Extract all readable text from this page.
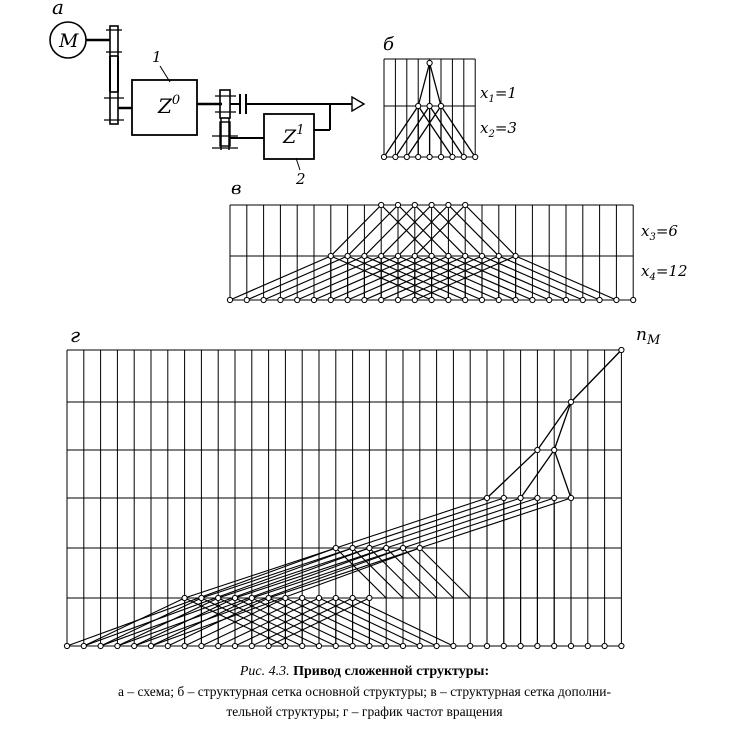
а
б
в
г
M
$Z^0$
$Z^1$
1
2
$x_1=1$
$x_2=3$
$x_3=6$
$x_4=12$
$n_M$
Рис. 4.3. Привод сложенной структуры:
а – схема; б – структурная сетка основной структуры; в – структурная сетка дополни-
тельной структуры; г – график частот вращения
